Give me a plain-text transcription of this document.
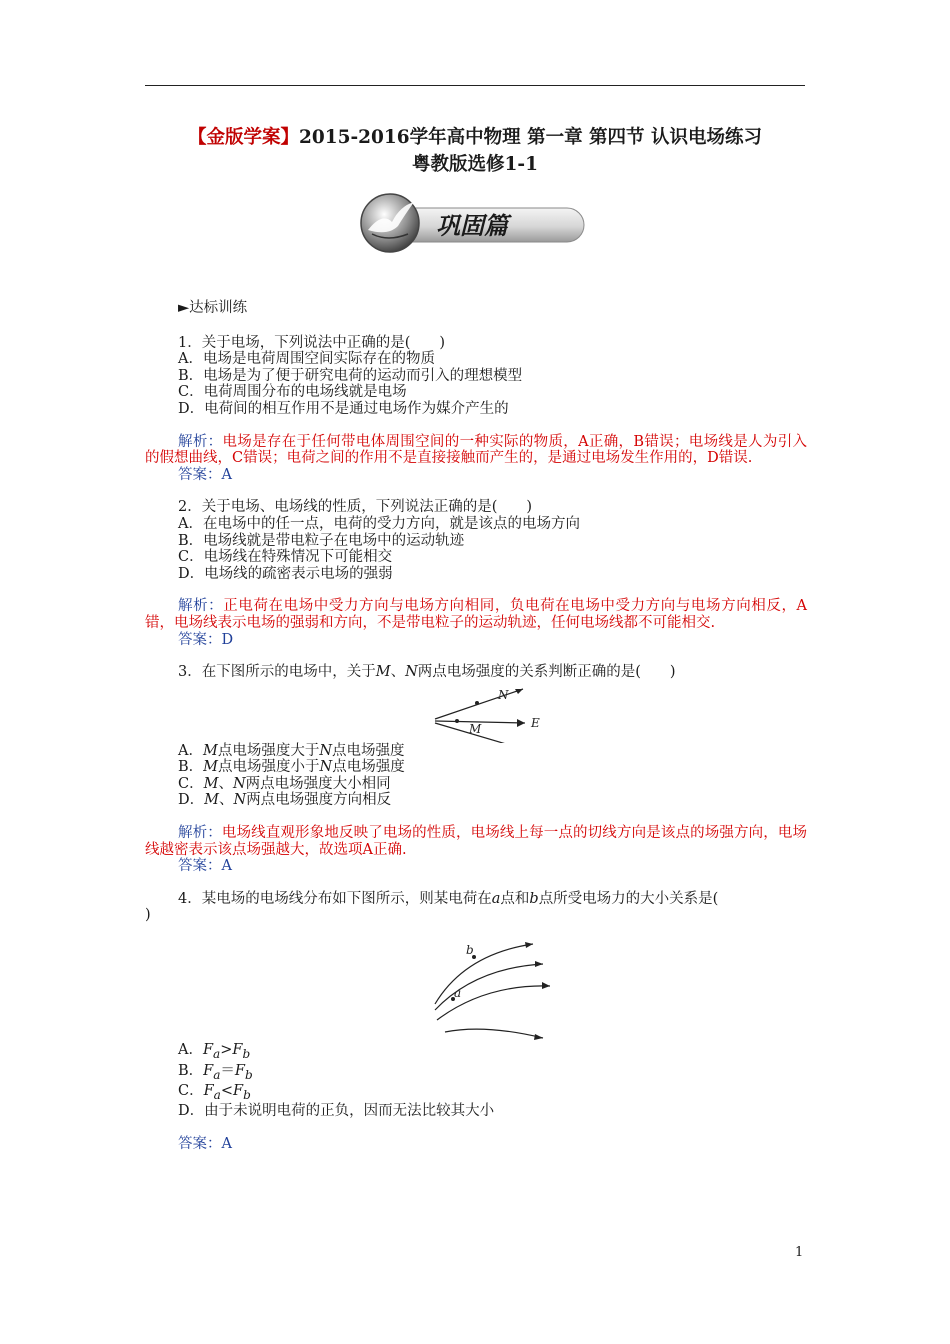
【金版学案】2015-2016学年高中物理 第一章 第四节 认识电场练习
粤教版选修1-1
巩固篇

►达标训练

1．关于电场，下列说法中正确的是(　　)

A．电场是电荷周围空间实际存在的物质

B．电场是为了便于研究电荷的运动而引入的理想模型

C．电荷周围分布的电场线就是电场

D．电荷间的相互作用不是通过电场作为媒介产生的

解析：电场是存在于任何带电体周围空间的一种实际的物质，A正确，B错误；电场线是人为引入的假想曲线，C错误；电荷之间的作用不是直接接触而产生的，是通过电场发生作用的，D错误.

答案：A

2．关于电场、电场线的性质，下列说法正确的是(　　)

A．在电场中的任一点，电荷的受力方向，就是该点的电场方向

B．电场线就是带电粒子在电场中的运动轨迹

C．电场线在特殊情况下可能相交

D．电场线的疏密表示电场的强弱

解析：正电荷在电场中受力方向与电场方向相同，负电荷在电场中受力方向与电场方向相反，A错，电场线表示电场的强弱和方向，不是带电粒子的运动轨迹，任何电场线都不可能相交.

答案：D

3．在下图所示的电场中，关于M、N两点电场强度的关系判断正确的是(　　)

N
M	E

A．M点电场强度大于N点电场强度

B．M点电场强度小于N点电场强度

C．M、N两点电场强度大小相同

D．M、N两点电场强度方向相反

解析：电场线直观形象地反映了电场的性质，电场线上每一点的切线方向是该点的场强方向，电场线越密表示该点场强越大，故选项A正确.

答案：A

4．某电场的电场线分布如下图所示，则某电荷在a点和b点所受电场力的大小关系是(

)

b
a

A．$F_a>F_b$

B．$F_a=F_b$

C．$F_a<F_b$

D．由于未说明电荷的正负，因而无法比较其大小

答案：A

1
